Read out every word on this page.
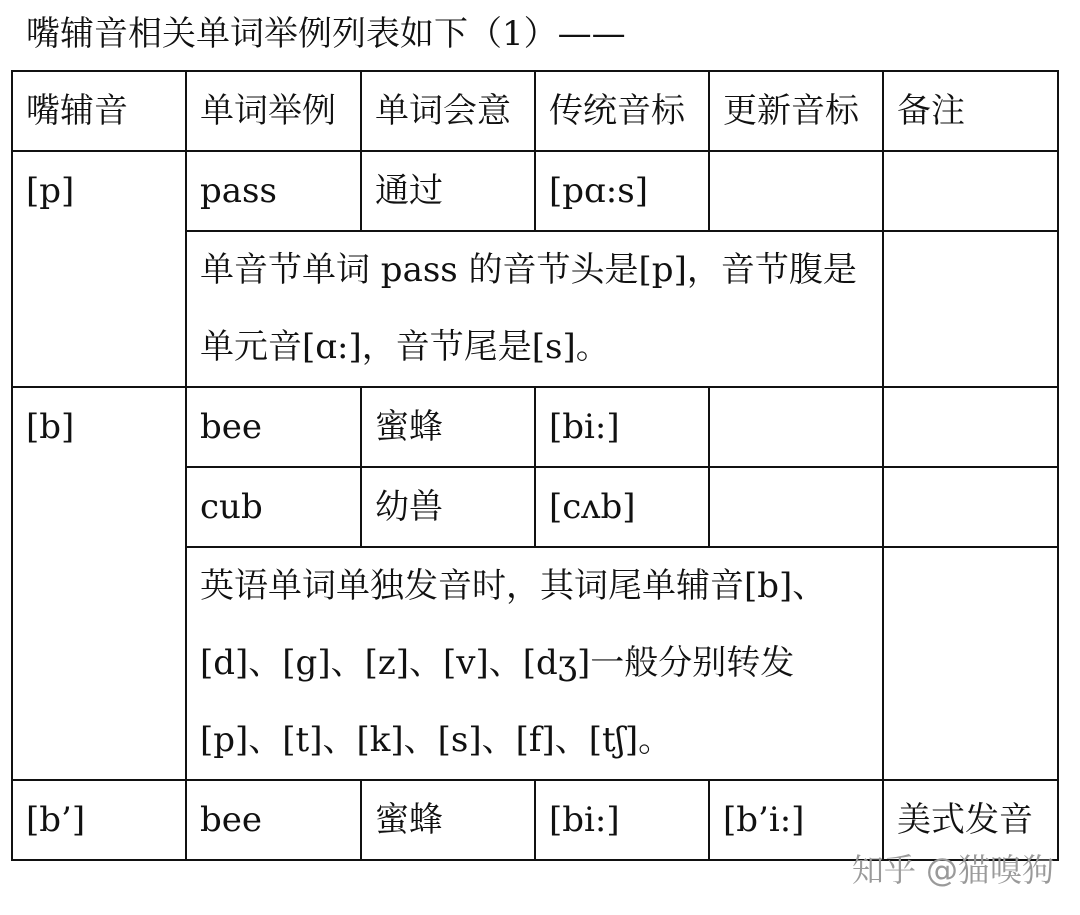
嘴辅音相关单词举例列表如下（1）——
嘴辅音	单词举例	单词会意	传统音标	更新音标	备注
[p]	pass	通过	[pɑ:s]		
	单音节单词 pass 的音节头是[p]，音节腹是单元音[ɑ:]，音节尾是[s]。				
[b]	bee	蜜蜂	[bi:]		
	cub	幼兽	[cʌb]		
	英语单词单独发音时，其词尾单辅音[b]、[d]、[g]、[z]、[v]、[dʒ]一般分别转发[p]、[t]、[k]、[s]、[f]、[tʃ]。				
[b’]	bee	蜜蜂	[bi:]	[b’i:]	美式发音
知乎 @猫嗅狗
